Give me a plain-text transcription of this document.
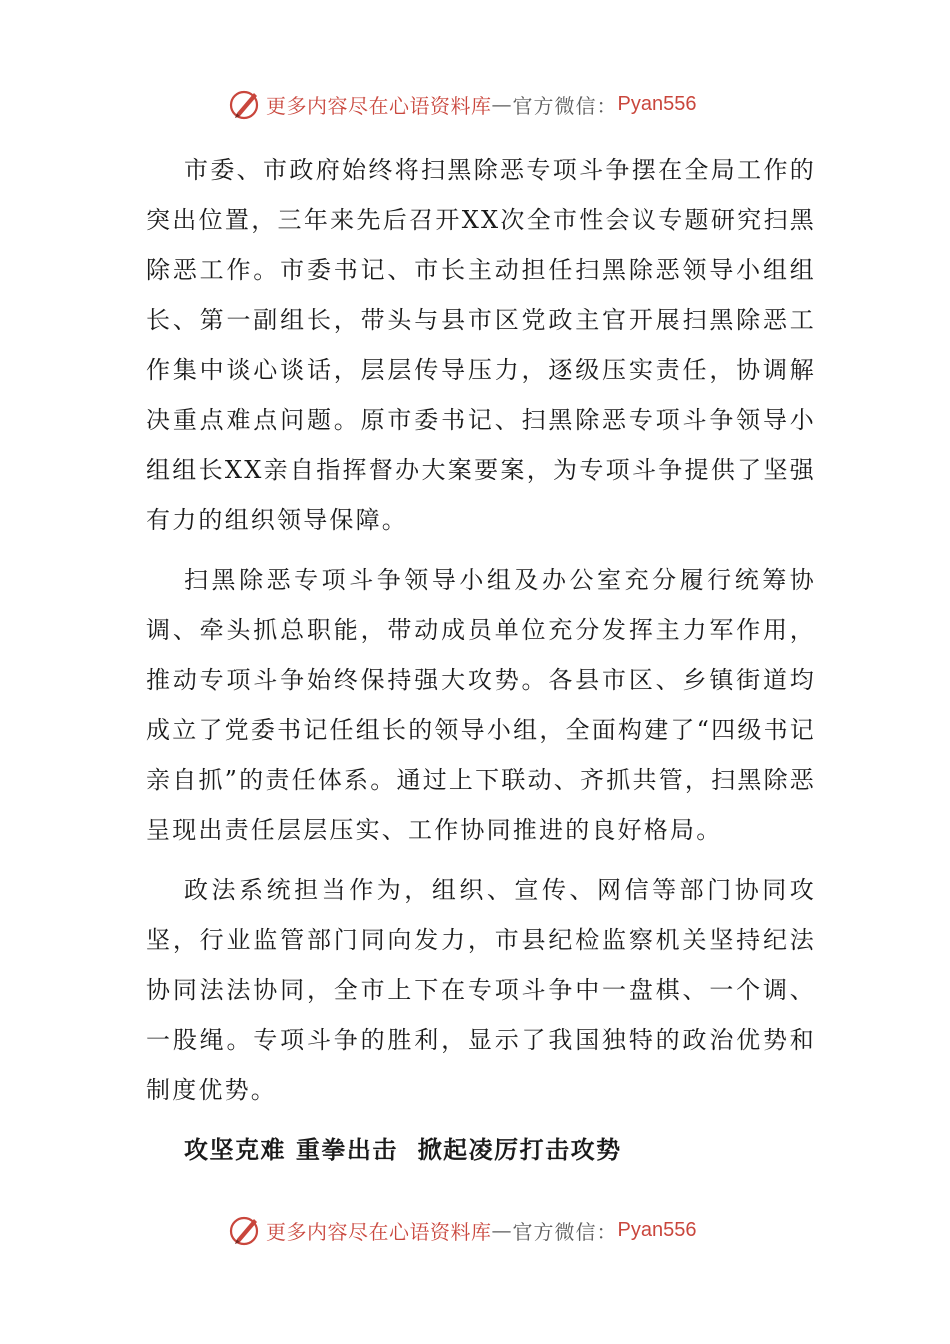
更多内容尽在心语资料库 — 官方微信： Pyan556

市委、市政府始终将扫黑除恶专项斗争摆在全局工作的突出位置，三年来先后召开XX次全市性会议专题研究扫黑除恶工作。市委书记、市长主动担任扫黑除恶领导小组组长、第一副组长，带头与县市区党政主官开展扫黑除恶工作集中谈心谈话，层层传导压力，逐级压实责任，协调解决重点难点问题。原市委书记、扫黑除恶专项斗争领导小组组长XX亲自指挥督办大案要案，为专项斗争提供了坚强有力的组织领导保障。

扫黑除恶专项斗争领导小组及办公室充分履行统筹协调、牵头抓总职能，带动成员单位充分发挥主力军作用，推动专项斗争始终保持强大攻势。各县市区、乡镇街道均成立了党委书记任组长的领导小组，全面构建了“四级书记亲自抓”的责任体系。通过上下联动、齐抓共管，扫黑除恶呈现出责任层层压实、工作协同推进的良好格局。

政法系统担当作为，组织、宣传、网信等部门协同攻坚，行业监管部门同向发力，市县纪检监察机关坚持纪法协同法法协同，全市上下在专项斗争中一盘棋、一个调、一股绳。专项斗争的胜利，显示了我国独特的政治优势和制度优势。

攻坚克难 重拳出击  掀起凌厉打击攻势
更多内容尽在心语资料库 — 官方微信： Pyan556
